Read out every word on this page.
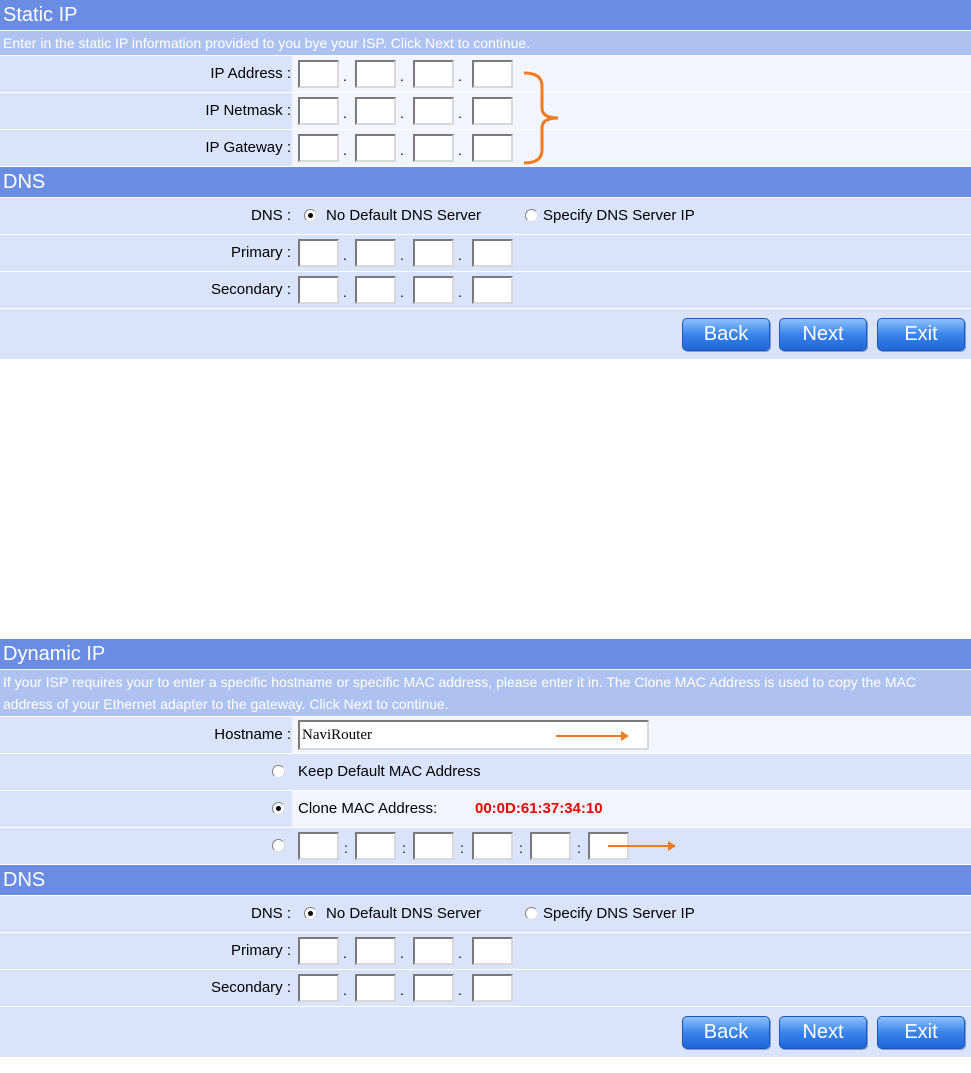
Static IP
Enter in the static IP information provided to you bye your ISP. Click Next to continue.
IP Address :	.	.	.
IP Netmask :	.	.	.
IP Gateway :	.	.	.
DNS
DNS : No Default DNS Server	Specify DNS Server IP
Primary :	.	.	.
Secondary :	.	.	.
Back	Next	Exit
Dynamic IP
If your ISP requires your to enter a specific hostname or specific MAC address, please enter it in. The Clone MAC Address is used to copy the MAC address of your Ethernet adapter to the gateway. Click Next to continue.
Hostname : NaviRouter
Keep Default MAC Address
Clone MAC Address:	00:0D:61:37:34:10
:	:	:	:	:
DNS
DNS : No Default DNS Server	Specify DNS Server IP
Primary :	.	.	.
Secondary :	.	.	.
Back	Next	Exit
